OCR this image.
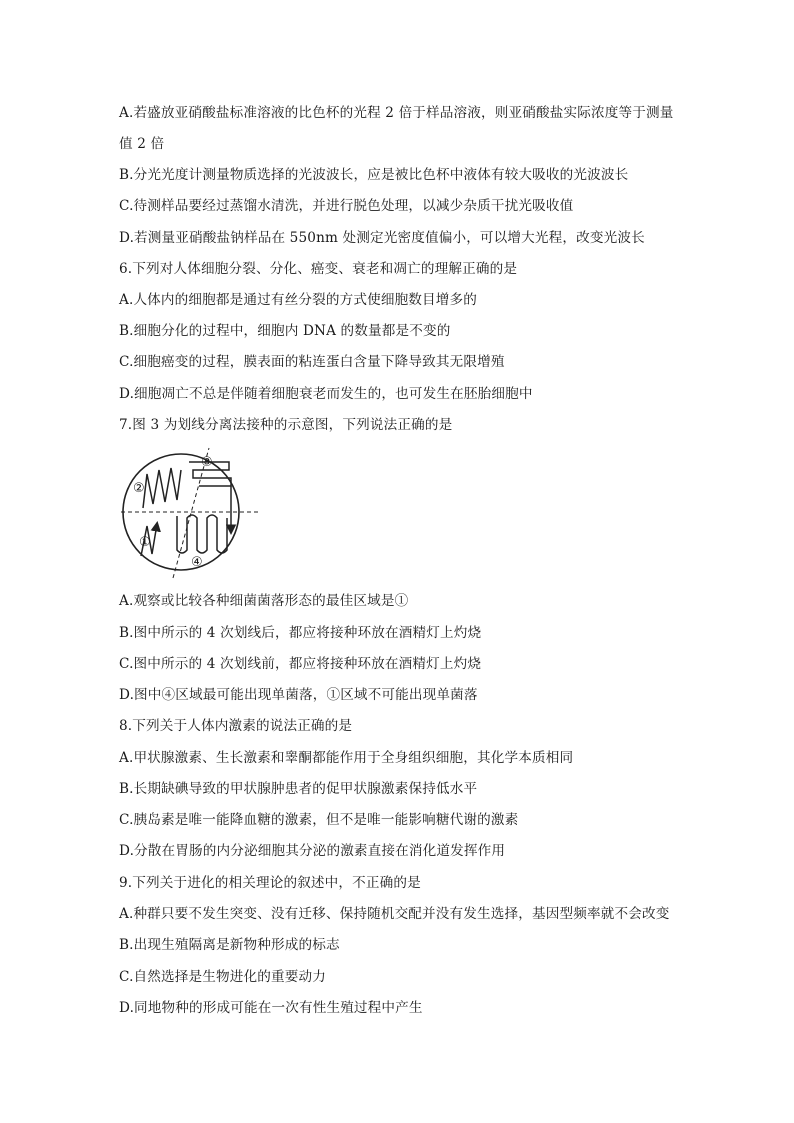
A.若盛放亚硝酸盐标准溶液的比色杯的光程 2 倍于样品溶液，则亚硝酸盐实际浓度等于测量
值 2 倍
B.分光光度计测量物质选择的光波波长，应是被比色杯中液体有较大吸收的光波波长
C.待测样品要经过蒸馏水清洗，并进行脱色处理，以减少杂质干扰光吸收值
D.若测量亚硝酸盐钠样品在 550nm 处测定光密度值偏小，可以增大光程，改变光波长
6.下列对人体细胞分裂、分化、癌变、衰老和凋亡的理解正确的是
A.人体内的细胞都是通过有丝分裂的方式使细胞数目增多的
B.细胞分化的过程中，细胞内 DNA 的数量都是不变的
C.细胞癌变的过程，膜表面的粘连蛋白含量下降导致其无限增殖
D.细胞凋亡不总是伴随着细胞衰老而发生的，也可发生在胚胎细胞中
7.图 3 为划线分离法接种的示意图，下列说法正确的是
②
③
①
④
A.观察或比较各种细菌菌落形态的最佳区域是①
B.图中所示的 4 次划线后，都应将接种环放在酒精灯上灼烧
C.图中所示的 4 次划线前，都应将接种环放在酒精灯上灼烧
D.图中④区域最可能出现单菌落，①区域不可能出现单菌落
8.下列关于人体内激素的说法正确的是
A.甲状腺激素、生长激素和睾酮都能作用于全身组织细胞，其化学本质相同
B.长期缺碘导致的甲状腺肿患者的促甲状腺激素保持低水平
C.胰岛素是唯一能降血糖的激素，但不是唯一能影响糖代谢的激素
D.分散在胃肠的内分泌细胞其分泌的激素直接在消化道发挥作用
9.下列关于进化的相关理论的叙述中，不正确的是
A.种群只要不发生突变、没有迁移、保持随机交配并没有发生选择，基因型频率就不会改变
B.出现生殖隔离是新物种形成的标志
C.自然选择是生物进化的重要动力
D.同地物种的形成可能在一次有性生殖过程中产生
